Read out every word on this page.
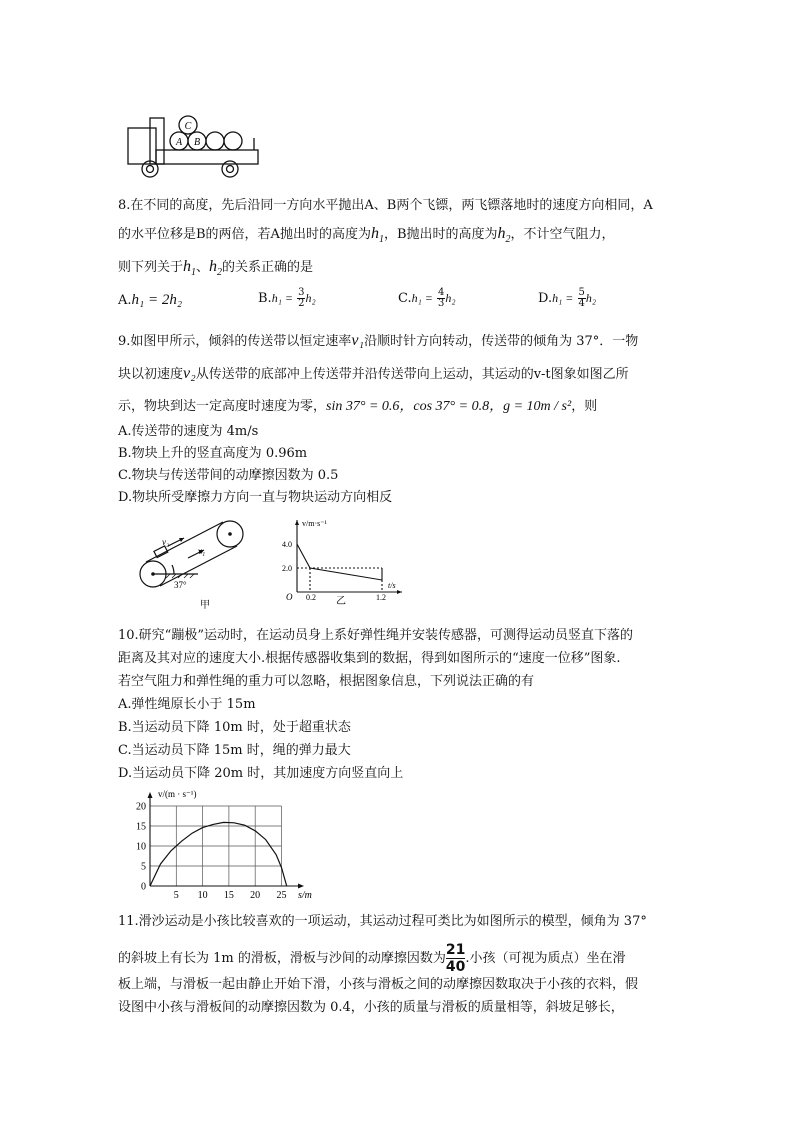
C
A B
8.在不同的高度，先后沿同一方向水平抛出A、B两个飞镖，两飞镖落地时的速度方向相同，A
的水平位移是B的两倍，若A抛出时的高度为$h_1$，B抛出时的高度为$h_2$，不计空气阻力，
则下列关于$h_1$、$h_2$的关系正确的是
A.h₁ = 2h₂	$B.h_1 = \frac{3}{2} h_2$	$C.h_1 = \frac{4}{3} h_2$	$D.h_1 = \frac{5}{4} h_2$
9.如图甲所示，倾斜的传送带以恒定速率v₁沿顺时针方向转动，传送带的倾角为 37°．一物
块以初速度v₂从传送带的底部冲上传送带并沿传送带向上运动，其运动的v-t图象如图乙所
示，物块到达一定高度时速度为零，sin 37° = 0.6，cos 37° = 0.8，g = 10m / s²，则
A.传送带的速度为 4m/s
B.物块上升的竖直高度为 0.96m
C.物块与传送带间的动摩擦因数为 0.5
D.物块所受摩擦力方向一直与物块运动方向相反
v₂
v₁
37°
甲
v/m·s⁻¹
t/s
4.0
2.0
O 0.2	1.2
乙
10.研究“蹦极”运动时，在运动员身上系好弹性绳并安装传感器，可测得运动员竖直下落的
距离及其对应的速度大小.根据传感器收集到的数据，得到如图所示的“速度一位移”图象.
若空气阻力和弹性绳的重力可以忽略，根据图象信息，下列说法正确的有
A.弹性绳原长小于 15m
B.当运动员下降 10m 时，处于超重状态
C.当运动员下降 15m 时，绳的弹力最大
D.当运动员下降 20m 时，其加速度方向竖直向上
0
5
10
15
20
5 10 15 20 25 s/m
v/(m · s⁻¹)
11.滑沙运动是小孩比较喜欢的一项运动，其运动过程可类比为如图所示的模型，倾角为 37°
的斜坡上有长为 1m 的滑板，滑板与沙间的动摩擦因数为 $\frac{21}{40}$ .小孩（可视为质点）坐在滑
板上端，与滑板一起由静止开始下滑，小孩与滑板之间的动摩擦因数取决于小孩的衣料，假
设图中小孩与滑板间的动摩擦因数为 0.4，小孩的质量与滑板的质量相等，斜坡足够长，
